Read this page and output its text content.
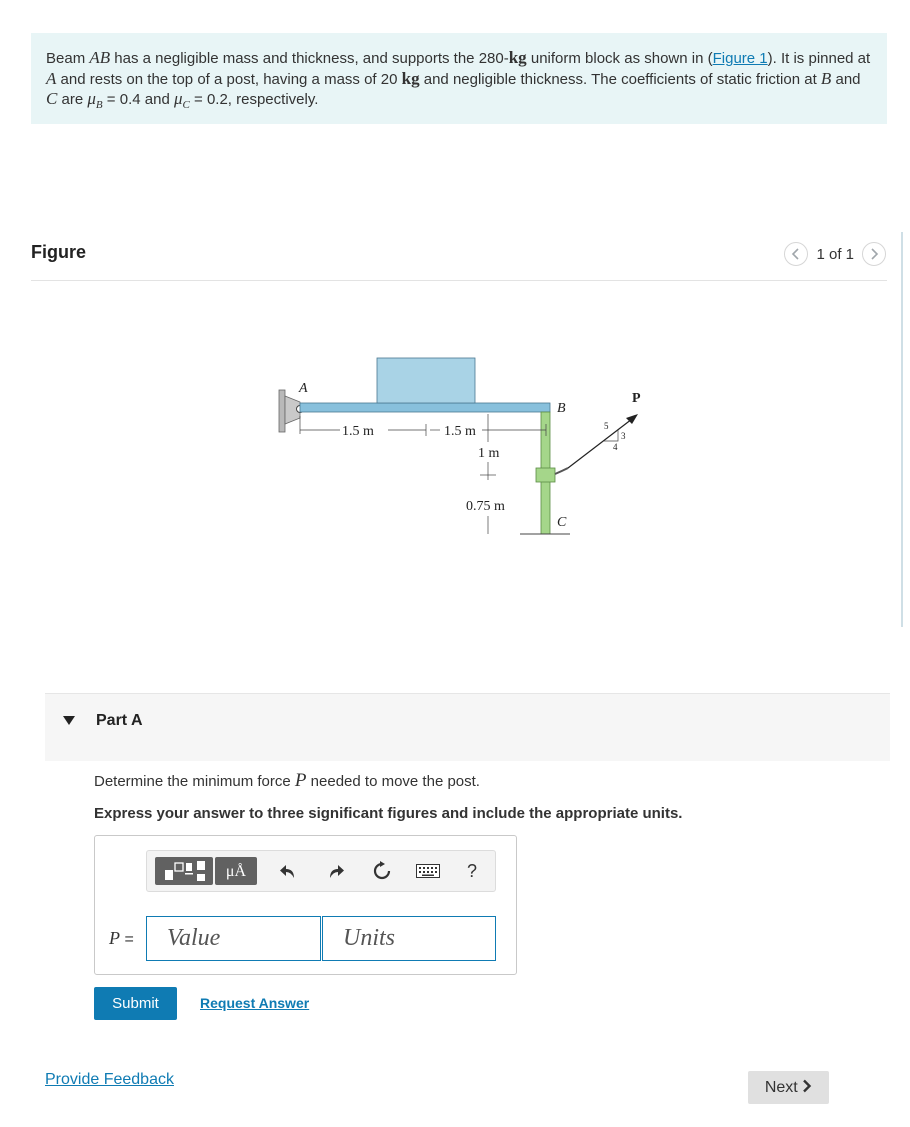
Beam AB has a negligible mass and thickness, and supports the 280-kg uniform block as shown in (Figure 1). It is pinned at A and rests on the top of a post, having a mass of 20 kg and negligible thickness. The coefficients of static friction at B and C are $\mu_B = 0.4$ and $\mu_C = 0.2$, respectively.
Figure	1 of 1
A
B
C
P
5
3
4
1.5 m	1.5 m
1 m
0.75 m
Part A
Determine the minimum force P needed to move the post.
Express your answer to three significant figures and include the appropriate units.
μÅ	?
P =	Value	Units
Submit	Request Answer
Provide Feedback	Next
